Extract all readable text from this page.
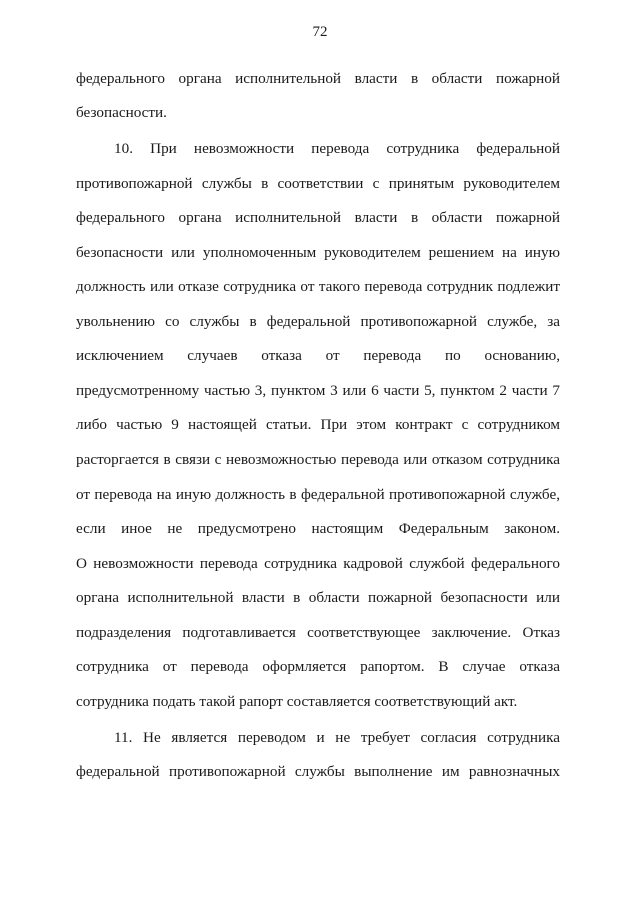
72
федерального органа исполнительной власти в области пожарной
безопасности.
10. При невозможности перевода сотрудника федеральной
противопожарной службы в соответствии с принятым руководителем
федерального органа исполнительной власти в области пожарной
безопасности или уполномоченным руководителем решением на иную
должность или отказе сотрудника от такого перевода сотрудник подлежит
увольнению со службы в федеральной противопожарной службе, за
исключением случаев отказа от перевода по основанию,
предусмотренному частью 3, пунктом 3 или 6 части 5, пунктом 2 части 7
либо частью 9 настоящей статьи. При этом контракт с сотрудником
расторгается в связи с невозможностью перевода или отказом сотрудника
от перевода на иную должность в федеральной противопожарной службе,
если иное не предусмотрено настоящим Федеральным законом.
О невозможности перевода сотрудника кадровой службой федерального
органа исполнительной власти в области пожарной безопасности или
подразделения подготавливается соответствующее заключение. Отказ
сотрудника от перевода оформляется рапортом. В случае отказа
сотрудника подать такой рапорт составляется соответствующий акт.
11. Не является переводом и не требует согласия сотрудника
федеральной противопожарной службы выполнение им равнозначных
